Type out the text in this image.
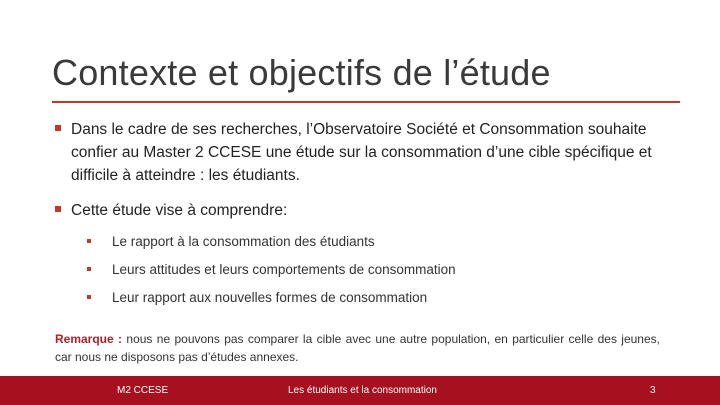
Contexte et objectifs de l’étude
Dans le cadre de ses recherches, l’Observatoire Société et Consommation souhaite confier au Master 2 CCESE une étude sur la consommation d’une cible spécifique et difficile à atteindre : les étudiants.
Cette étude vise à comprendre:
Le rapport à la consommation des étudiants
Leurs attitudes et leurs comportements de consommation
Leur rapport aux nouvelles formes de consommation
Remarque : nous ne pouvons pas comparer la cible avec une autre population, en particulier celle des jeunes, car nous ne disposons pas d’études annexes.
M2 CCESE	Les étudiants et la consommation	3
